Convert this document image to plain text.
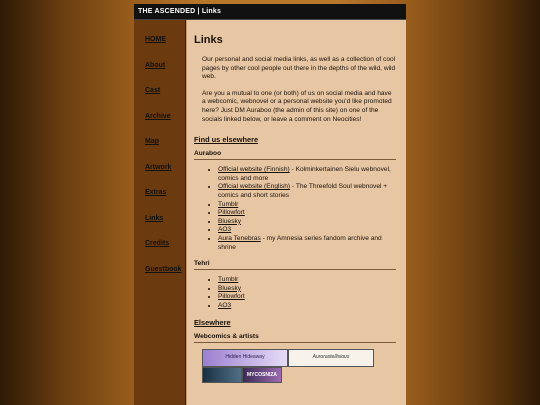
THE ASCENDED | Links
HOME
About
Cast
Archive
Map
Artwork
Extras
Links
Credits
Guestbook
Links

Our personal and social media links, as well as a collection of cool pages by other cool people out there in the depths of the wild, wild web.

Are you a mutual to one (or both) of us on social media and have a webcomic, webnovel or a personal website you'd like promoted here? Just DM Auraboo (the admin of this site) on one of the socials linked below, or leave a comment on Neocities!

Find us elsewhere
Auraboo
• Official website (Finnish) - Kolminkertainen Sielu webnovel, comics and more
• Official website (English) - The Threefold Soul webnovel + comics and short stories
• Tumblr
• Pillowfort
• Bluesky
• AO3
• Aura Tenebras - my Amnesia series fandom archive and shrine
Tehri
• Tumblr
• Bluesky
• Pillowfort
• AO3
Elsewhere
Webcomics & artists
Hidden Hideaway	Aurorastellisious
MYCOSNIZA
